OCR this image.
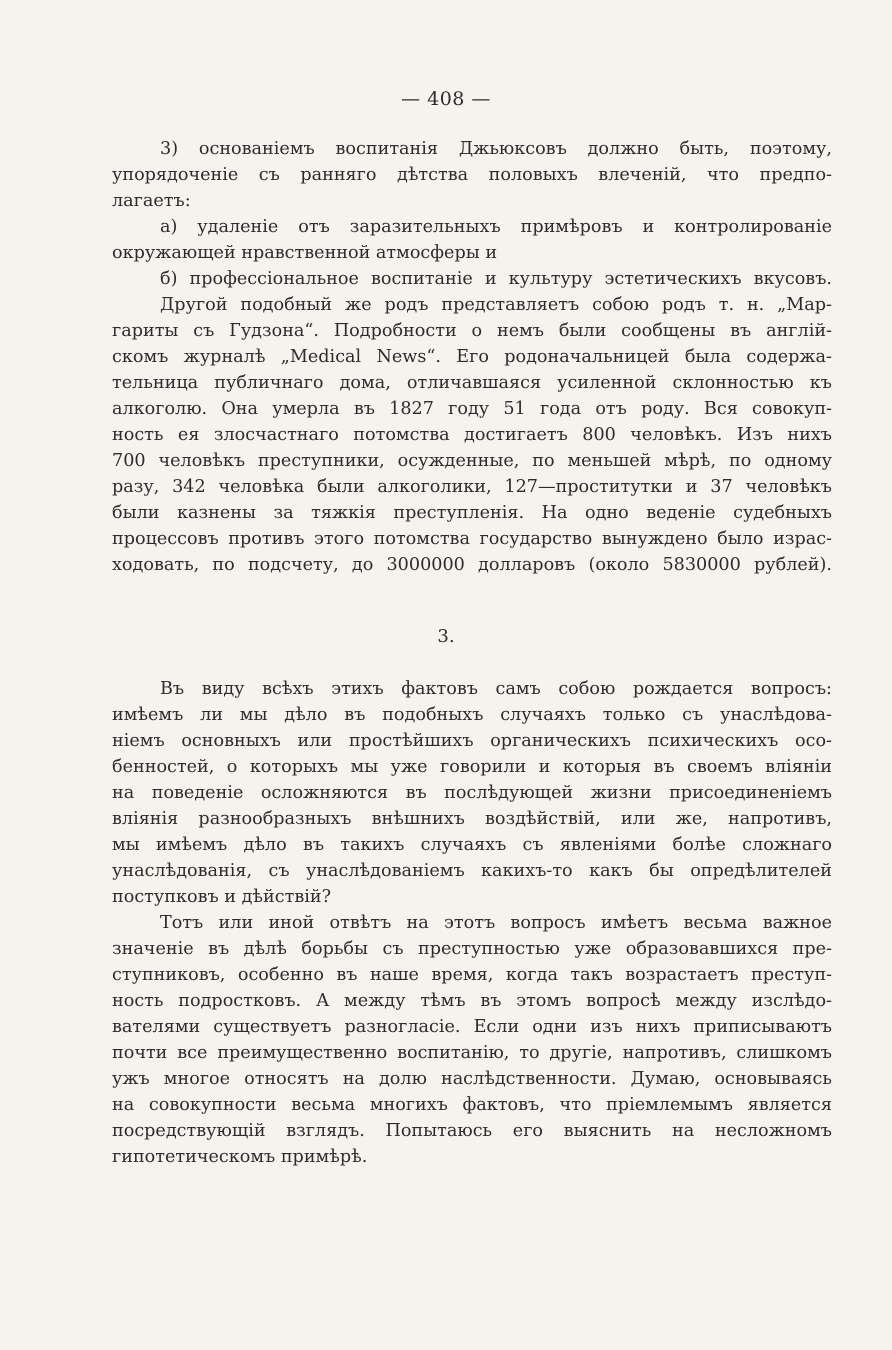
— 408 —
3) основанiемъ воспитанiя Джьюксовъ должно быть, поэтому,
упорядоченiе съ ранняго дѣтства половыхъ влеченiй, что предпо-
лагаетъ:
а) удаленiе отъ заразительныхъ примѣровъ и контролированiе
окружающей нравственной атмосферы и
б) профессiональное воспитанiе и культуру эстетическихъ вкусовъ.
Другой подобный же родъ представляетъ собою родъ т. н. „Мар-
гариты съ Гудзона“. Подробности о немъ были сообщены въ англiй-
скомъ журналѣ „Medical News“. Его родоначальницей была содержа-
тельница публичнаго дома, отличавшаяся усиленной склонностью къ
алкоголю. Она умерла въ 1827 году 51 года отъ роду. Вся совокуп-
ность ея злосчастнаго потомства достигаетъ 800 человѣкъ. Изъ нихъ
700 человѣкъ преступники, осужденные, по меньшей мѣрѣ, по одному
разу, 342 человѣка были алкоголики, 127—проститутки и 37 человѣкъ
были казнены за тяжкiя преступленiя. На одно веденiе судебныхъ
процессовъ противъ этого потомства государство вынуждено было израс-
ходовать, по подсчету, до 3000000 долларовъ (около 5830000 рублей).
3.
Въ виду всѣхъ этихъ фактовъ самъ собою рождается вопросъ:
имѣемъ ли мы дѣло въ подобныхъ случаяхъ только съ унаслѣдова-
нiемъ основныхъ или простѣйшихъ органическихъ психическихъ осо-
бенностей, о которыхъ мы уже говорили и которыя въ своемъ влiянiи
на поведенiе осложняются въ послѣдующей жизни присоединенiемъ
влiянiя разнообразныхъ внѣшнихъ воздѣйствiй, или же, напротивъ,
мы имѣемъ дѣло въ такихъ случаяхъ съ явленiями болѣе сложнаго
унаслѣдованiя, съ унаслѣдованiемъ какихъ-то какъ бы опредѣлителей
поступковъ и дѣйствiй?
Тотъ или иной отвѣтъ на этотъ вопросъ имѣетъ весьма важное
значенiе въ дѣлѣ борьбы съ преступностью уже образовавшихся пре-
ступниковъ, особенно въ наше время, когда такъ возрастаетъ преступ-
ность подростковъ. А между тѣмъ въ этомъ вопросѣ между изслѣдо-
вателями существуетъ разногласiе. Если одни изъ нихъ приписываютъ
почти все преимущественно воспитанiю, то другiе, напротивъ, слишкомъ
ужъ многое относятъ на долю наслѣдственности. Думаю, основываясь
на совокупности весьма многихъ фактовъ, что прiемлемымъ является
посредствующiй взглядъ. Попытаюсь его выяснить на несложномъ
гипотетическомъ примѣрѣ.
